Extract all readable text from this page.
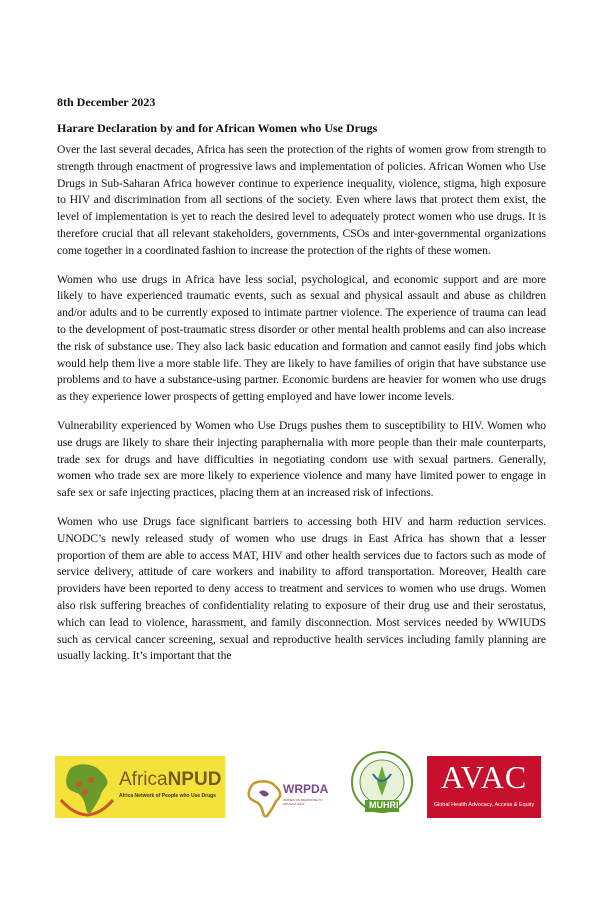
8th December 2023

Harare Declaration by and for African Women who Use Drugs

Over the last several decades, Africa has seen the protection of the rights of women grow from strength to strength through enactment of progressive laws and implementation of policies. African Women who Use Drugs in Sub-Saharan Africa however continue to experience inequality, violence, stigma, high exposure to HIV and discrimination from all sections of the society. Even where laws that protect them exist, the level of implementation is yet to reach the desired level to adequately protect women who use drugs. It is therefore crucial that all relevant stakeholders, governments, CSOs and inter-governmental organizations come together in a coordinated fashion to increase the protection of the rights of these women.

Women who use drugs in Africa have less social, psychological, and economic support and are more likely to have experienced traumatic events, such as sexual and physical assault and abuse as children and/or adults and to be currently exposed to intimate partner violence. The experience of trauma can lead to the development of post-traumatic stress disorder or other mental health problems and can also increase the risk of substance use. They also lack basic education and formation and cannot easily find jobs which would help them live a more stable life. They are likely to have families of origin that have substance use problems and to have a substance-using partner. Economic burdens are heavier for women who use drugs as they experience lower prospects of getting employed and have lower income levels.

Vulnerability experienced by Women who Use Drugs pushes them to susceptibility to HIV. Women who use drugs are likely to share their injecting paraphernalia with more people than their male counterparts, trade sex for drugs and have difficulties in negotiating condom use with sexual partners. Generally, women who trade sex are more likely to experience violence and many have limited power to engage in safe sex or safe injecting practices, placing them at an increased risk of infections.

Women who use Drugs face significant barriers to accessing both HIV and harm reduction services. UNODC’s newly released study of women who use drugs in East Africa has shown that a lesser proportion of them are able to access MAT, HIV and other health services due to factors such as mode of service delivery, attitude of care workers and inability to afford transportation. Moreover, Health care providers have been reported to deny access to treatment and services to women who use drugs. Women also risk suffering breaches of confidentiality relating to exposure of their drug use and their serostatus, which can lead to violence, harassment, and family disconnection. Most services needed by WWIUDS such as cervical cancer screening, sexual and reproductive health services including family planning are usually lacking. It’s important that the

AfricaNPUD
Africa Network of People who Use Drugs	WRPDA
WOMEN ON RESPONSE TO DRUGS & AIDS	MUHRI
AVAC
Global Health Advocacy, Access & Equity
